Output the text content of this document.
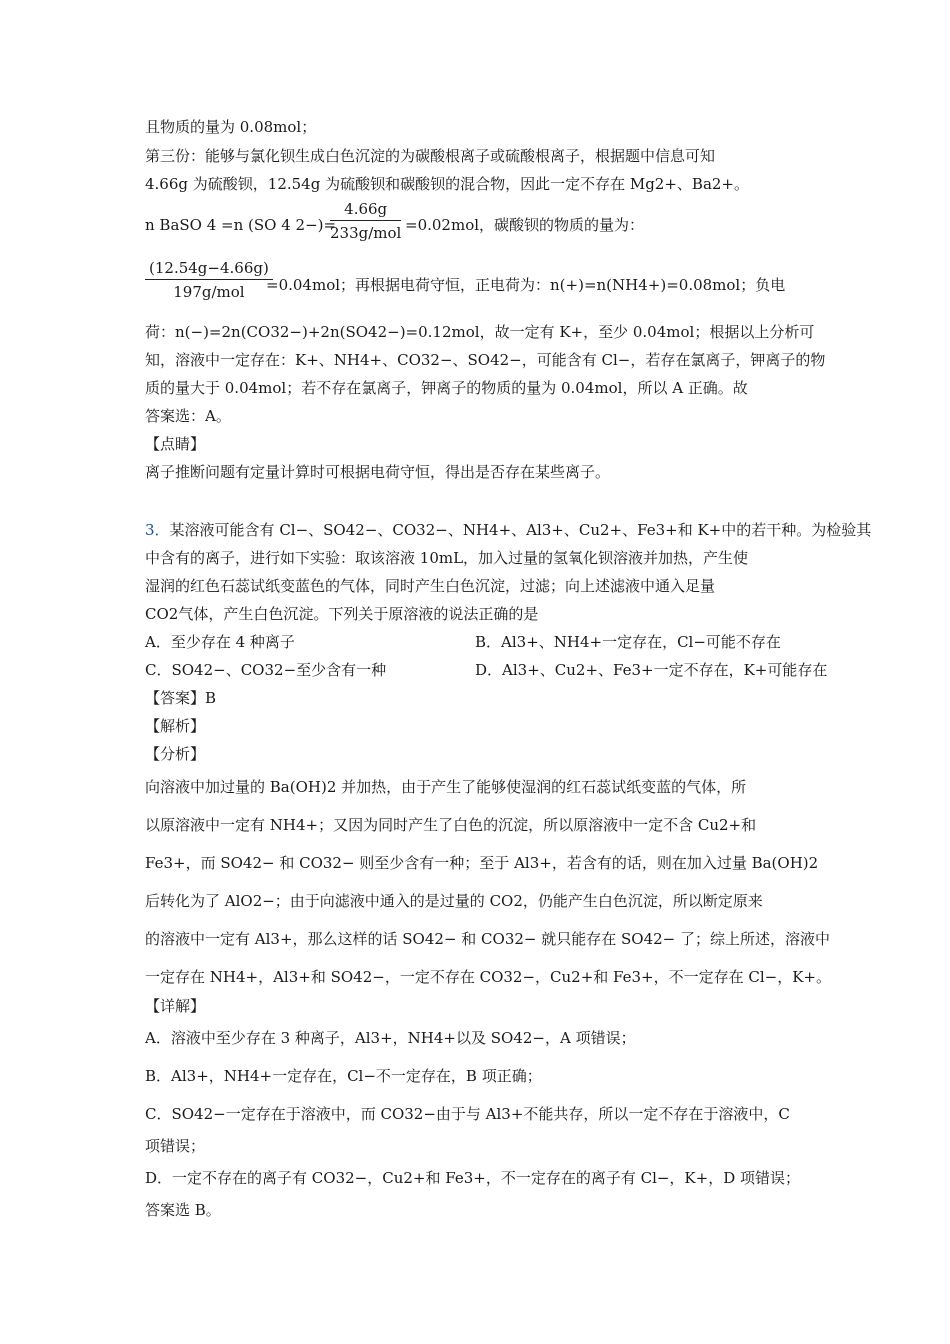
且物质的量为 0.08mol；
第三份：能够与氯化钡生成白色沉淀的为碳酸根离子或硫酸根离子，根据题中信息可知
4.66g 为硫酸钡，12.54g 为硫酸钡和碳酸钡的混合物，因此一定不存在 Mg2+、Ba2+。
n BaSO 4 =n (SO 4 2−)=
4.66g
233g/mol =0.02mol，碳酸钡的物质的量为：
(12.54g−4.66g)
197g/mol	=0.04mol；再根据电荷守恒，正电荷为：n(+)=n(NH4+)=0.08mol；负电
荷：n(−)=2n(CO32−)+2n(SO42−)=0.12mol，故一定有 K+，至少 0.04mol；根据以上分析可
知，溶液中一定存在：K+、NH4+、CO32−、SO42−，可能含有 Cl−，若存在氯离子，钾离子的物
质的量大于 0.04mol；若不存在氯离子，钾离子的物质的量为 0.04mol，所以 A 正确。故
答案选：A。
【点睛】
离子推断问题有定量计算时可根据电荷守恒，得出是否存在某些离子。
3．某溶液可能含有 Cl−、SO42−、CO32−、NH4+、Al3+、Cu2+、Fe3+和 K+中的若干种。为检验其
中含有的离子，进行如下实验：取该溶液 10mL，加入过量的氢氧化钡溶液并加热，产生使
湿润的红色石蕊试纸变蓝色的气体，同时产生白色沉淀，过滤；向上述滤液中通入足量
CO2气体，产生白色沉淀。下列关于原溶液的说法正确的是
A．至少存在 4 种离子	B．Al3+、NH4+一定存在，Cl−可能不存在
C．SO42−、CO32−至少含有一种	D．Al3+、Cu2+、Fe3+一定不存在，K+可能存在
【答案】B
【解析】
【分析】
向溶液中加过量的 Ba(OH)2 并加热，由于产生了能够使湿润的红石蕊试纸变蓝的气体，所
以原溶液中一定有 NH4+；又因为同时产生了白色的沉淀，所以原溶液中一定不含 Cu2+和
Fe3+，而 SO42− 和 CO32− 则至少含有一种；至于 Al3+，若含有的话，则在加入过量 Ba(OH)2
后转化为了 AlO2−；由于向滤液中通入的是过量的 CO2，仍能产生白色沉淀，所以断定原来
的溶液中一定有 Al3+，那么这样的话 SO42− 和 CO32− 就只能存在 SO42− 了；综上所述，溶液中
一定存在 NH4+，Al3+和 SO42−，一定不存在 CO32−，Cu2+和 Fe3+，不一定存在 Cl−，K+。
【详解】
A．溶液中至少存在 3 种离子，Al3+，NH4+以及 SO42−，A 项错误；
B．Al3+，NH4+一定存在，Cl−不一定存在，B 项正确；
C．SO42−一定存在于溶液中，而 CO32−由于与 Al3+不能共存，所以一定不存在于溶液中，C
项错误；
D．一定不存在的离子有 CO32−，Cu2+和 Fe3+，不一定存在的离子有 Cl−，K+，D 项错误；
答案选 B。
